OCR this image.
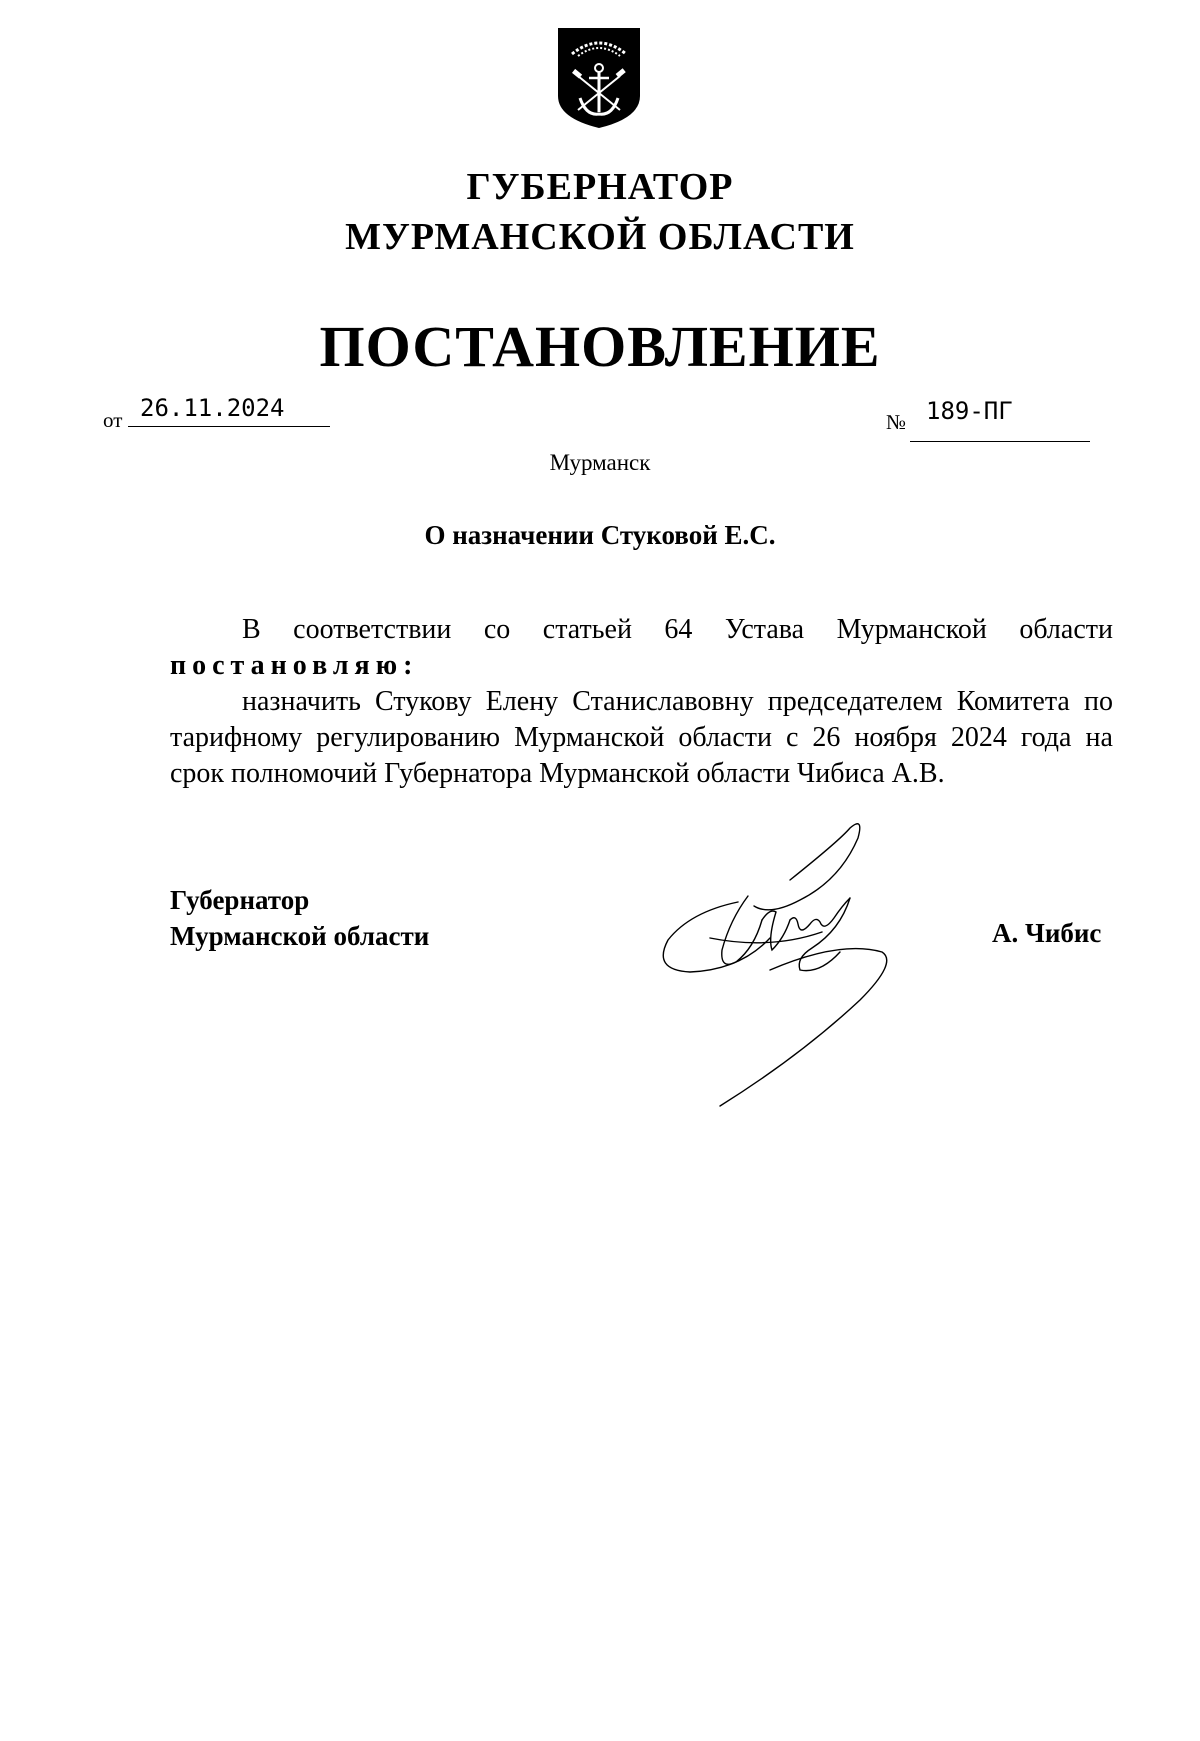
ГУБЕРНАТОР
МУРМАНСКОЙ ОБЛАСТИ
ПОСТАНОВЛЕНИЕ
от 26.11.2024	№ 189-ПГ
Мурманск
О назначении Стуковой Е.С.
В соответствии со статьей 64 Устава Мурманской области
постановляю:
назначить Стукову Елену Станиславовну председателем Комитета по
тарифному регулированию Мурманской области с 26 ноября 2024 года на
срок полномочий Губернатора Мурманской области Чибиса А.В.
Губернатор
Мурманской области	А. Чибис
